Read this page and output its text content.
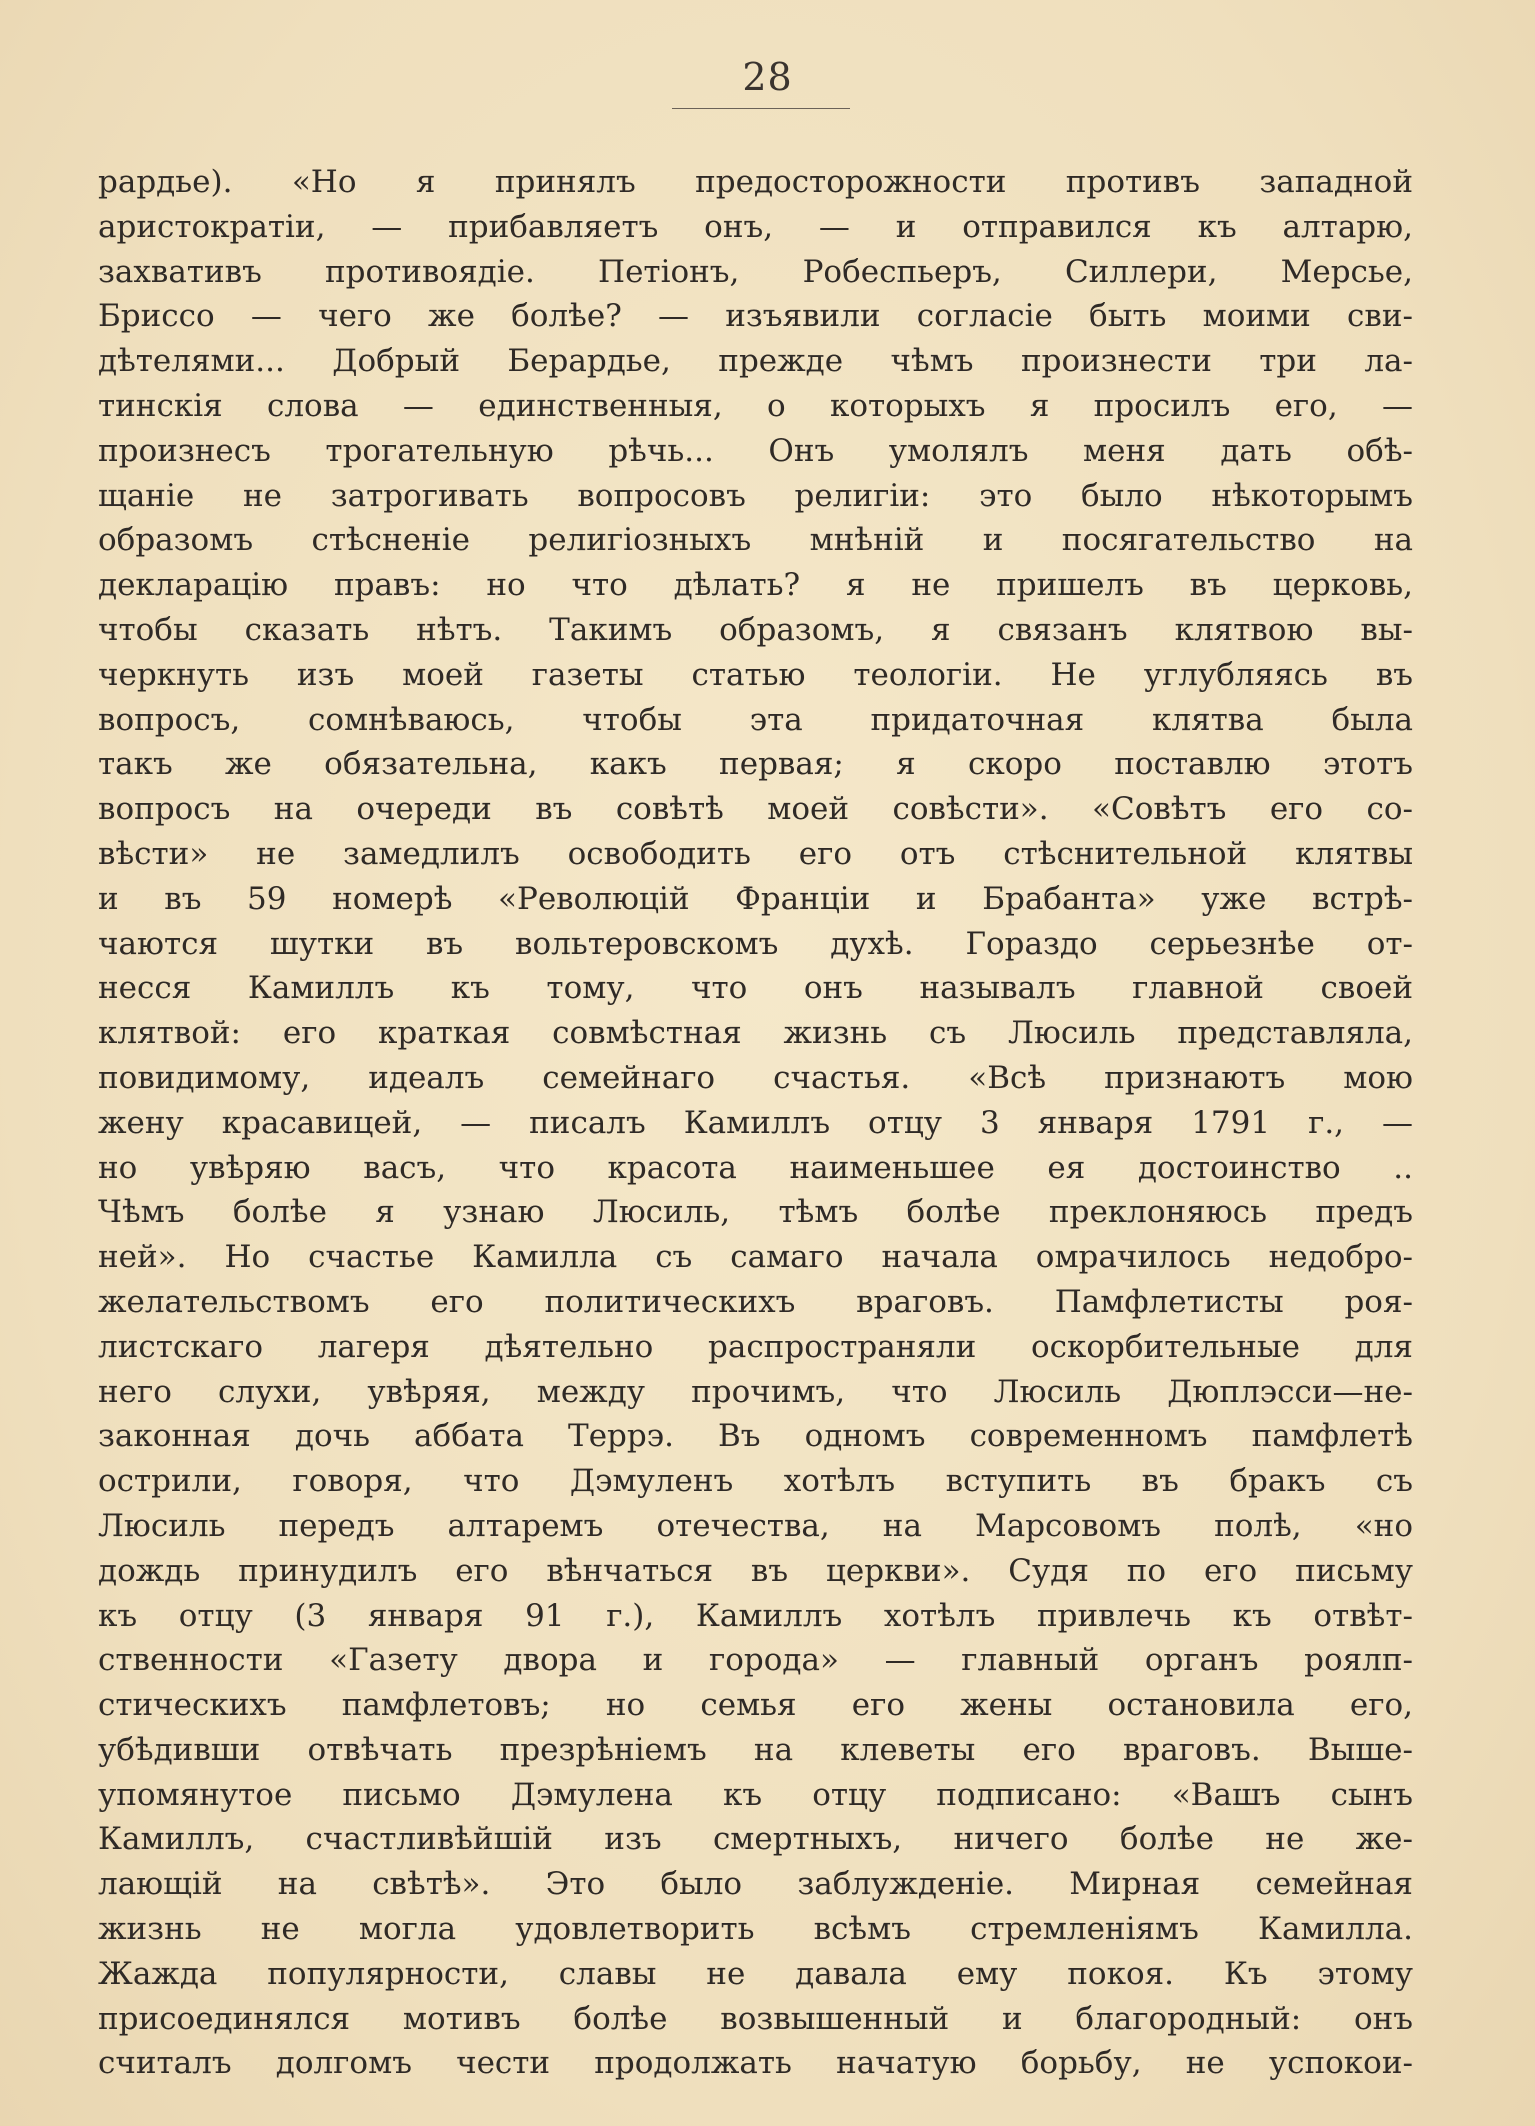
28
рардье). «Но я принялъ предосторожности противъ западной
аристократiи, — прибавляетъ онъ, — и отправился къ алтарю,
захвативъ противоядiе. Петiонъ, Робеспьеръ, Силлери, Мерсье,
Бриссо — чего же болѣе? — изъявили согласiе быть моими сви-
дѣтелями... Добрый Берардье, прежде чѣмъ произнести три ла-
тинскiя слова — единственныя, о которыхъ я просилъ его, —
произнесъ трогательную рѣчь... Онъ умолялъ меня дать обѣ-
щанiе не затрогивать вопросовъ религiи: это было нѣкоторымъ
образомъ стѣсненiе религiозныхъ мнѣнiй и посягательство на
декларацiю правъ: но что дѣлать? я не пришелъ въ церковь,
чтобы сказать нѣтъ. Такимъ образомъ, я связанъ клятвою вы-
черкнуть изъ моей газеты статью теологiи. Не углубляясь въ
вопросъ, сомнѣваюсь, чтобы эта придаточная клятва была
такъ же обязательна, какъ первая; я скоро поставлю этотъ
вопросъ на очереди въ совѣтѣ моей совѣсти». «Совѣтъ его со-
вѣсти» не замедлилъ освободить его отъ стѣснительной клятвы
и въ 59 номерѣ «Революцiй Францiи и Брабанта» уже встрѣ-
чаются шутки въ вольтеровскомъ духѣ. Гораздо серьезнѣе от-
несся Камиллъ къ тому, что онъ называлъ главной своей
клятвой: его краткая совмѣстная жизнь съ Люсиль представляла,
повидимому, идеалъ семейнаго счастья. «Всѣ признаютъ мою
жену красавицей, — писалъ Камиллъ отцу 3 января 1791 г., —
но увѣряю васъ, что красота наименьшее ея достоинство ..
Чѣмъ болѣе я узнаю Люсиль, тѣмъ болѣе преклоняюсь предъ
ней». Но счастье Камилла съ самаго начала омрачилось недобро-
желательствомъ его политическихъ враговъ. Памфлетисты роя-
листскаго лагеря дѣятельно распространяли оскорбительные для
него слухи, увѣряя, между прочимъ, что Люсиль Дюплэсси—не-
законная дочь аббата Террэ. Въ одномъ современномъ памфлетѣ
острили, говоря, что Дэмуленъ хотѣлъ вступить въ бракъ съ
Люсиль передъ алтаремъ отечества, на Марсовомъ полѣ, «но
дождь принудилъ его вѣнчаться въ церкви». Судя по его письму
къ отцу (3 января 91 г.), Камиллъ хотѣлъ привлечь къ отвѣт-
ственности «Газету двора и города» — главный органъ роялп-
стическихъ памфлетовъ; но семья его жены остановила его,
убѣдивши отвѣчать презрѣнiемъ на клеветы его враговъ. Выше-
упомянутое письмо Дэмулена къ отцу подписано: «Вашъ сынъ
Камиллъ, счастливѣйшiй изъ смертныхъ, ничего болѣе не же-
лающiй на свѣтѣ». Это было заблужденiе. Мирная семейная
жизнь не могла удовлетворить всѣмъ стремленiямъ Камилла.
Жажда популярности, славы не давала ему покоя. Къ этому
присоединялся мотивъ болѣе возвышенный и благородный: онъ
считалъ долгомъ чести продолжать начатую борьбу, не успокои-
